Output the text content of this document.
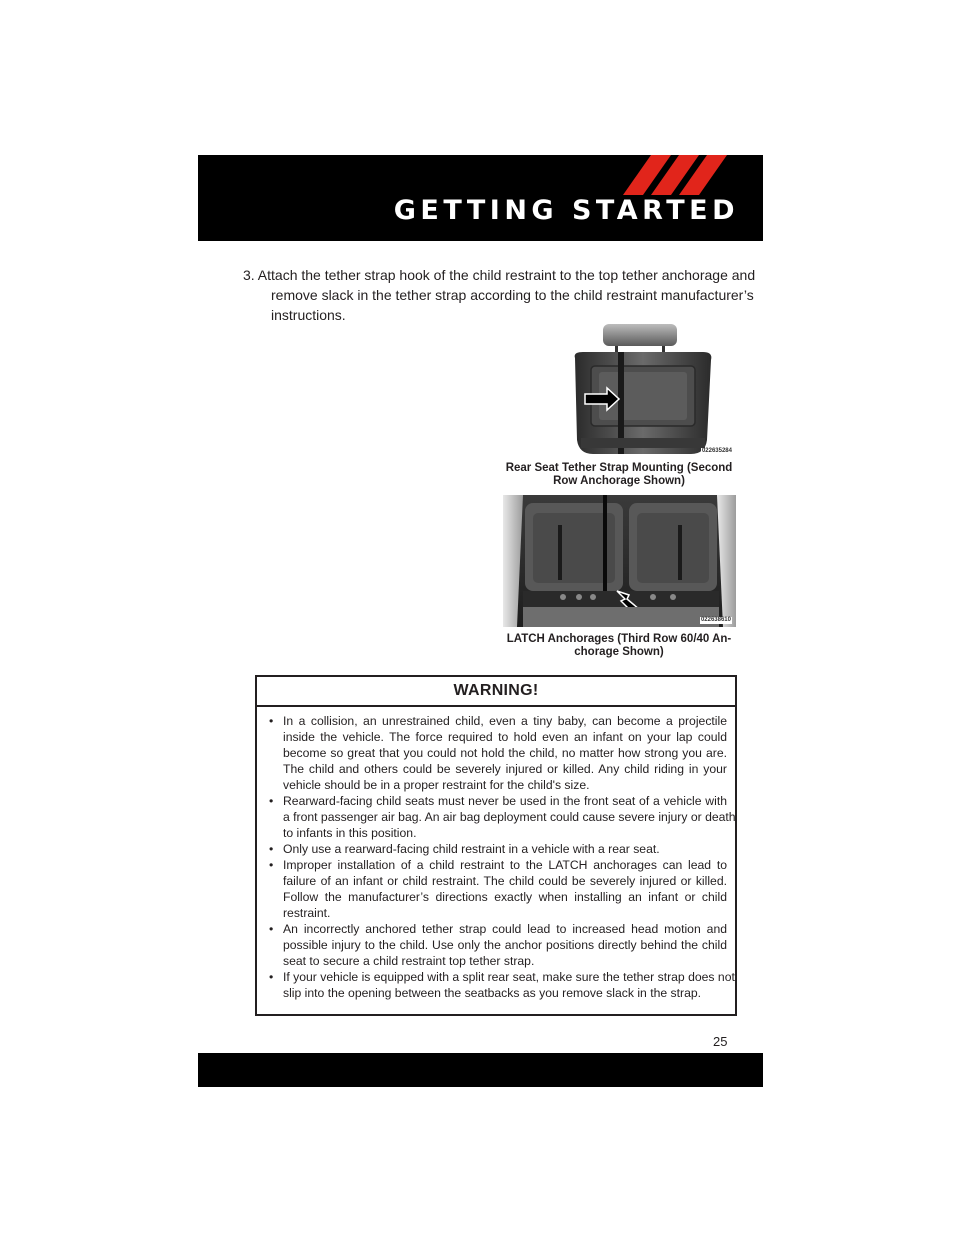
GETTING STARTED
3. Attach the tether strap hook of the child restraint to the top tether anchorage and
remove slack in the tether strap according to the child restraint manufacturer’s
instructions.
022635284
Rear Seat Tether Strap Mounting (Second
Row Anchorage Shown)
022638610
LATCH Anchorages (Third Row 60/40 An-
chorage Shown)
WARNING!
• In a collision, an unrestrained child, even a tiny baby, can become a projectile
inside the vehicle. The force required to hold even an infant on your lap could
become so great that you could not hold the child, no matter how strong you are.
The child and others could be severely injured or killed. Any child riding in your
vehicle should be in a proper restraint for the child's size.
• Rearward-facing child seats must never be used in the front seat of a vehicle with
a front passenger air bag. An air bag deployment could cause severe injury or death
to infants in this position.
• Only use a rearward-facing child restraint in a vehicle with a rear seat.
• Improper installation of a child restraint to the LATCH anchorages can lead to
failure of an infant or child restraint. The child could be severely injured or killed.
Follow the manufacturer’s directions exactly when installing an infant or child
restraint.
• An incorrectly anchored tether strap could lead to increased head motion and
possible injury to the child. Use only the anchor positions directly behind the child
seat to secure a child restraint top tether strap.
• If your vehicle is equipped with a split rear seat, make sure the tether strap does not
slip into the opening between the seatbacks as you remove slack in the strap.
25
